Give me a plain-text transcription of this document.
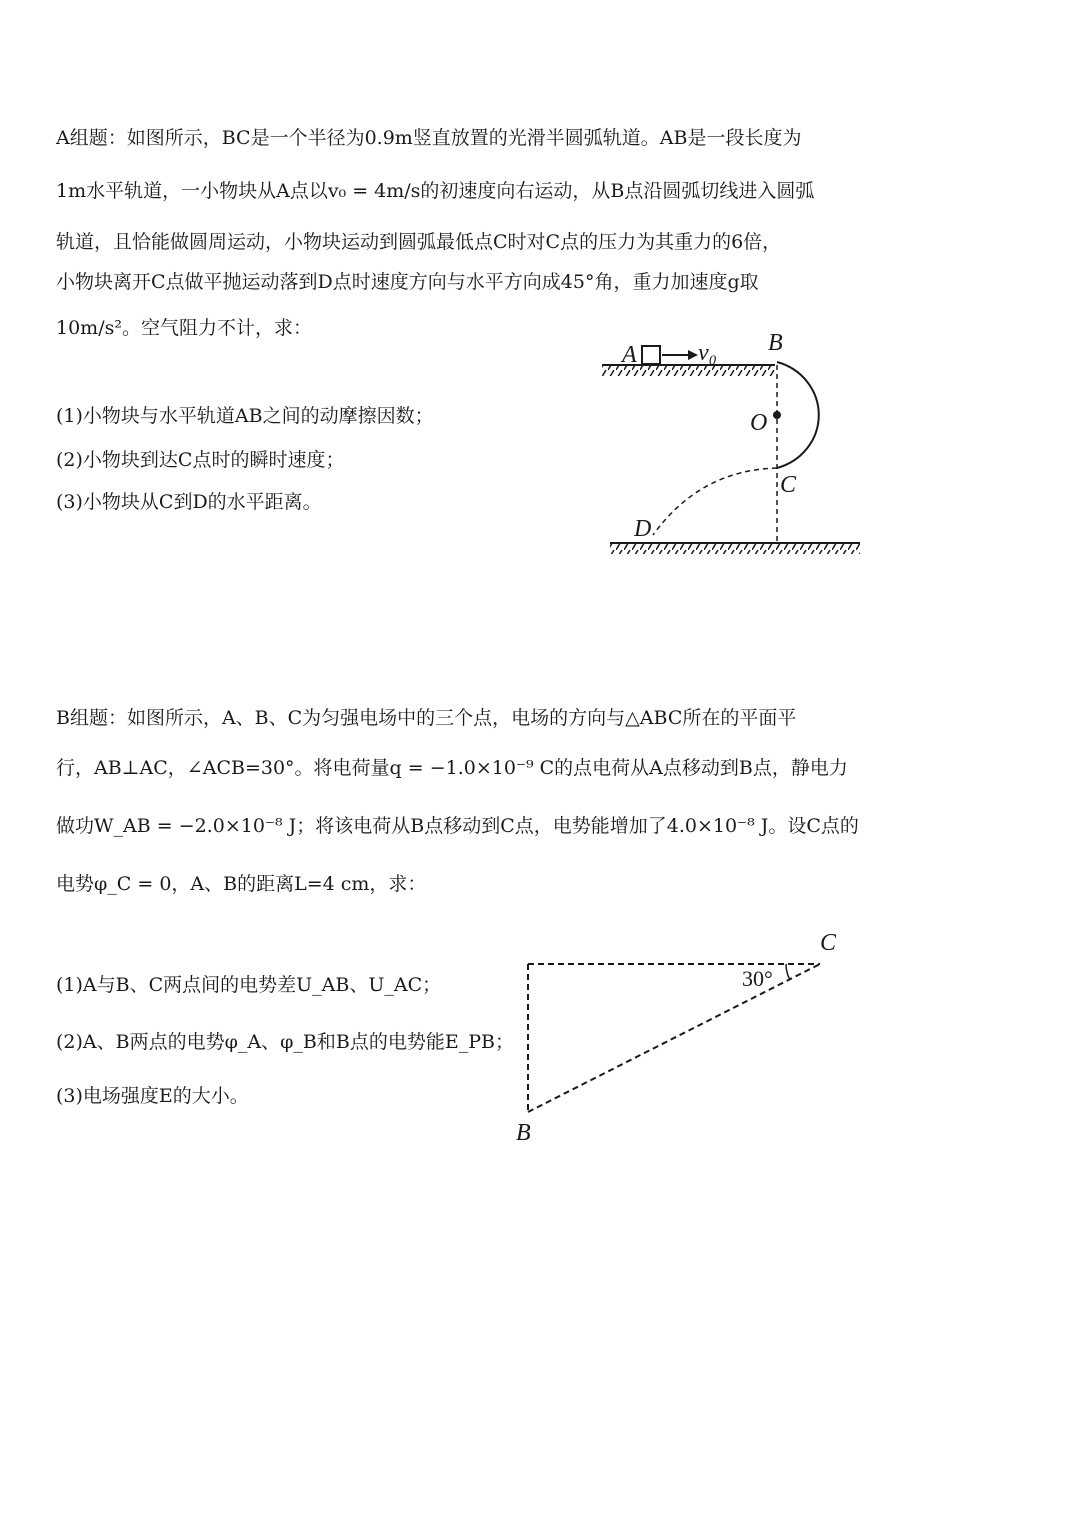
A组题：如图所示，BC是一个半径为0.9m竖直放置的光滑半圆弧轨道。AB是一段长度为
1m水平轨道，一小物块从A点以v₀ = 4m/s的初速度向右运动，从B点沿圆弧切线进入圆弧
轨道，且恰能做圆周运动，小物块运动到圆弧最低点C时对C点的压力为其重力的6倍，
小物块离开C点做平抛运动落到D点时速度方向与水平方向成45°角，重力加速度g取
10m/s²。空气阻力不计，求：
(1)小物块与水平轨道AB之间的动摩擦因数；
(2)小物块到达C点时的瞬时速度；
(3)小物块从C到D的水平距离。
A	v₀ B
O
C
D
C
B
30°
B组题：如图所示，A、B、C为匀强电场中的三个点，电场的方向与△ABC所在的平面平
行，AB⊥AC，∠ACB=30°。将电荷量q = −1.0×10⁻⁹ C的点电荷从A点移动到B点，静电力
做功W_AB = −2.0×10⁻⁸ J；将该电荷从B点移动到C点，电势能增加了4.0×10⁻⁸ J。设C点的
电势φ_C = 0，A、B的距离L=4 cm，求：
(1)A与B、C两点间的电势差U_AB、U_AC；
(2)A、B两点的电势φ_A、φ_B和B点的电势能E_PB；
(3)电场强度E的大小。
